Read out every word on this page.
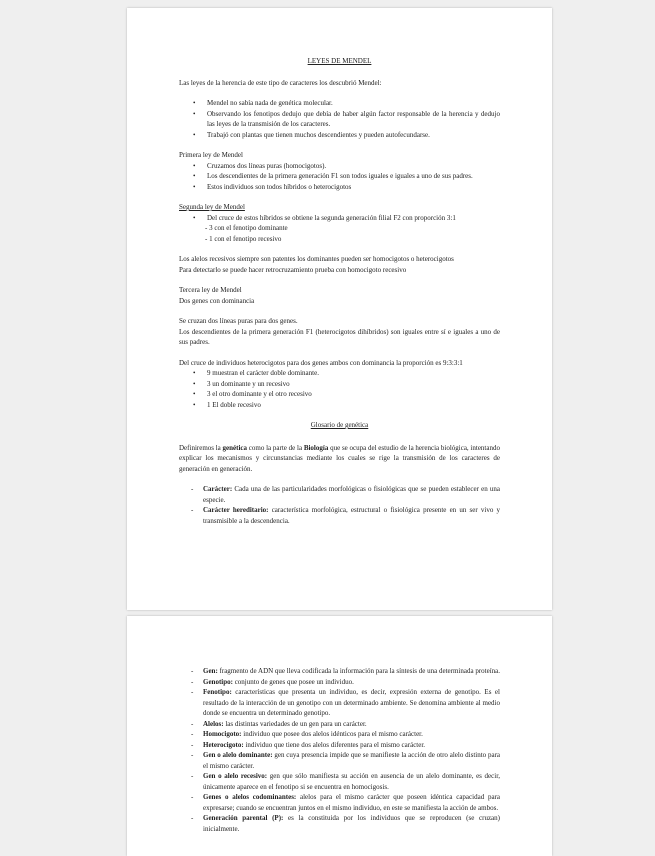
LEYES DE MENDEL

Las leyes de la herencia de este tipo de caracteres los descubrió Mendel:

• Mendel no sabía nada de genética molecular.
• Observando los fenotipos dedujo que debía de haber algún factor responsable de la herencia y dedujo las leyes de la transmisión de los caracteres.
• Trabajó con plantas que tienen muchos descendientes y pueden autofecundarse.

Primera ley de Mendel

• Cruzamos dos líneas puras (homocigotos).
• Los descendientes de la primera generación F1 son todos iguales e iguales a uno de sus padres.
• Estos individuos son todos híbridos o heterocigotos

Segunda ley de Mendel

• Del cruce de estos híbridos se obtiene la segunda generación filial F2 con proporción 3:1

- 3 con el fenotipo dominante

- 1 con el fenotipo recesivo

Los alelos recesivos siempre son patentes los dominantes pueden ser homocigotos o heterocigotos

Para detectarlo se puede hacer retrocruzamiento prueba con homocigoto recesivo

Tercera ley de Mendel

Dos genes con dominancia

Se cruzan dos líneas puras para dos genes.

Los descendientes de la primera generación F1 (heterocigotos dihíbridos) son iguales entre sí e iguales a uno de sus padres.

Del cruce de individuos heterocigotos para dos genes ambos con dominancia la proporción es 9:3:3:1

• 9 muestran el carácter doble dominante.
• 3 un dominante y un recesivo
• 3 el otro dominante y el otro recesivo
• 1 El doble recesivo
Glosario de genética

Definiremos la genética como la parte de la Biología que se ocupa del estudio de la herencia biológica, intentando explicar los mecanismos y circunstancias mediante los cuales se rige la transmisión de los caracteres de generación en generación.

- Carácter: Cada una de las particularidades morfológicas o fisiológicas que se pueden establecer en una especie.
- Carácter hereditario: característica morfológica, estructural o fisiológica presente en un ser vivo y transmisible a la descendencia.
- Gen: fragmento de ADN que lleva codificada la información para la síntesis de una determinada proteína.
- Genotipo: conjunto de genes que posee un individuo.
- Fenotipo: características que presenta un individuo, es decir, expresión externa de genotipo. Es el resultado de la interacción de un genotipo con un determinado ambiente. Se denomina ambiente al medio donde se encuentra un determinado genotipo.
- Alelos: las distintas variedades de un gen para un carácter.
- Homocigoto: individuo que posee dos alelos idénticos para el mismo carácter.
- Heterocigoto: individuo que tiene dos alelos diferentes para el mismo carácter.
- Gen o alelo dominante: gen cuya presencia impide que se manifieste la acción de otro alelo distinto para el mismo carácter.
- Gen o alelo recesivo: gen que sólo manifiesta su acción en ausencia de un alelo dominante, es decir, únicamente aparece en el fenotipo si se encuentra en homocigosis.
- Genes o alelos codominantes: alelos para el mismo carácter que poseen idéntica capacidad para expresarse; cuando se encuentran juntos en el mismo individuo, en este se manifiesta la acción de ambos.
- Generación parental (P): es la constituida por los individuos que se reproducen (se cruzan) inicialmente.
